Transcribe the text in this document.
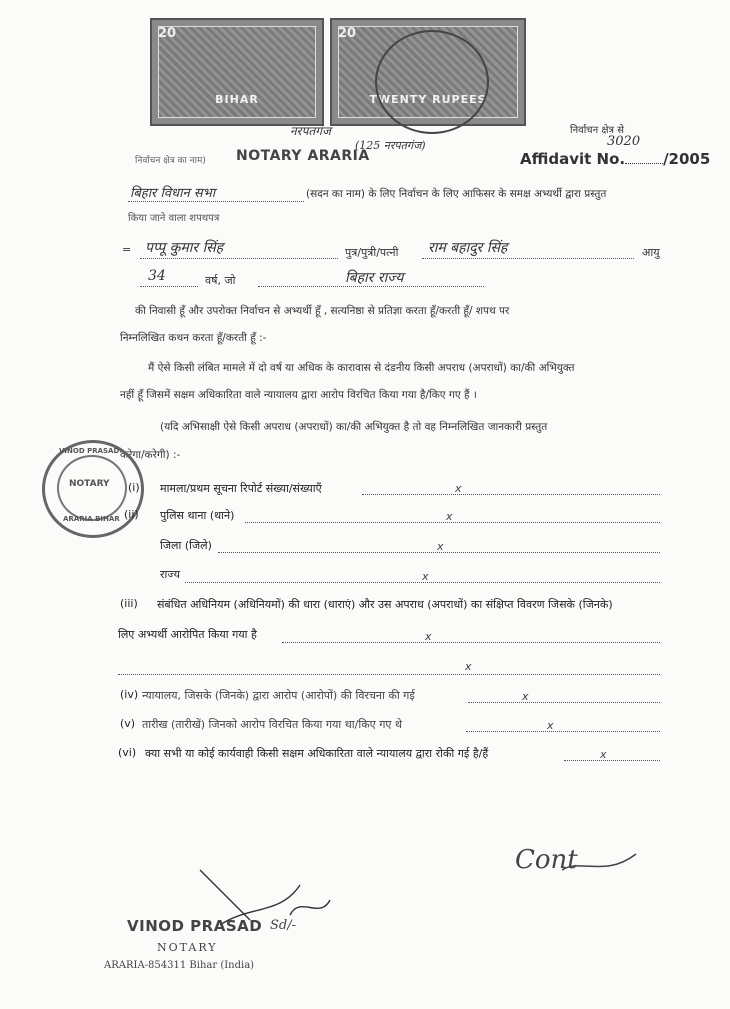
20
BIHAR
20
TWENTY RUPEES
नरपतगंज
(125 नरपतगंज)
निर्वाचन क्षेत्र से
3020
निर्वाचन क्षेत्र का नाम) NOTARY ARARIA	Affidavit No.	/2005
बिहार विधान सभा	(सदन का नाम) के लिए निर्वाचन के लिए आफिसर के समक्ष अभ्यर्थी द्वारा प्रस्तुत
किया जाने वाला शपथपत्र
= पप्पू कुमार सिंह	पुत्र/पुत्री/पत्नी राम बहादुर सिंह	आयु
34	वर्ष, जो	बिहार राज्य
की निवासी हूँ और उपरोक्त निर्वाचन से अभ्यर्थी हूँ , सत्यनिष्ठा से प्रतिज्ञा करता हूँ/करती हूँ/ शपथ पर
निम्नलिखित कथन करता हूँ/करती हूँ :-
मैं ऐसे किसी लंबित मामले में दो वर्ष या अधिक के कारावास से दंडनीय किसी अपराध (अपराधों) का/की अभियुक्त
नहीं हूँ जिसमें सक्षम अधिकारिता वाले न्यायालय द्वारा आरोप विरचित किया गया है/किए गए हैं ।
(यदि अभिसाक्षी ऐसे किसी अपराध (अपराधों) का/की अभियुक्त है तो वह निम्नलिखित जानकारी प्रस्तुत
करेगा/करेगी) :-
VINOD PRASAD
NOTARY
ARARIA BIHAR
(i) मामला/प्रथम सूचना रिपोर्ट संख्या/संख्याएँ	x
(ii) पुलिस थाना (थाने)	x
जिला (जिले)	x
राज्य	x
(iii) संबंधित अधिनियम (अधिनियमों) की धारा (धाराएं) और उस अपराध (अपराधों) का संक्षिप्त विवरण जिसके (जिनके)
लिए अभ्यर्थी आरोपित किया गया है	x
x
(iv) न्यायालय, जिसके (जिनके) द्वारा आरोप (आरोपों) की विरचना की गई	x
(v) तारीख (तारीखें) जिनको आरोप विरचित किया गया था/किए गए थे	x
(vi) क्या सभी या कोई कार्यवाही किसी सक्षम अधिकारिता वाले न्यायालय द्वारा रोकी गई है/हैं	x
Cont
Sd/-
VINOD PRASAD
NOTARY
ARARIA-854311 Bihar (India)
